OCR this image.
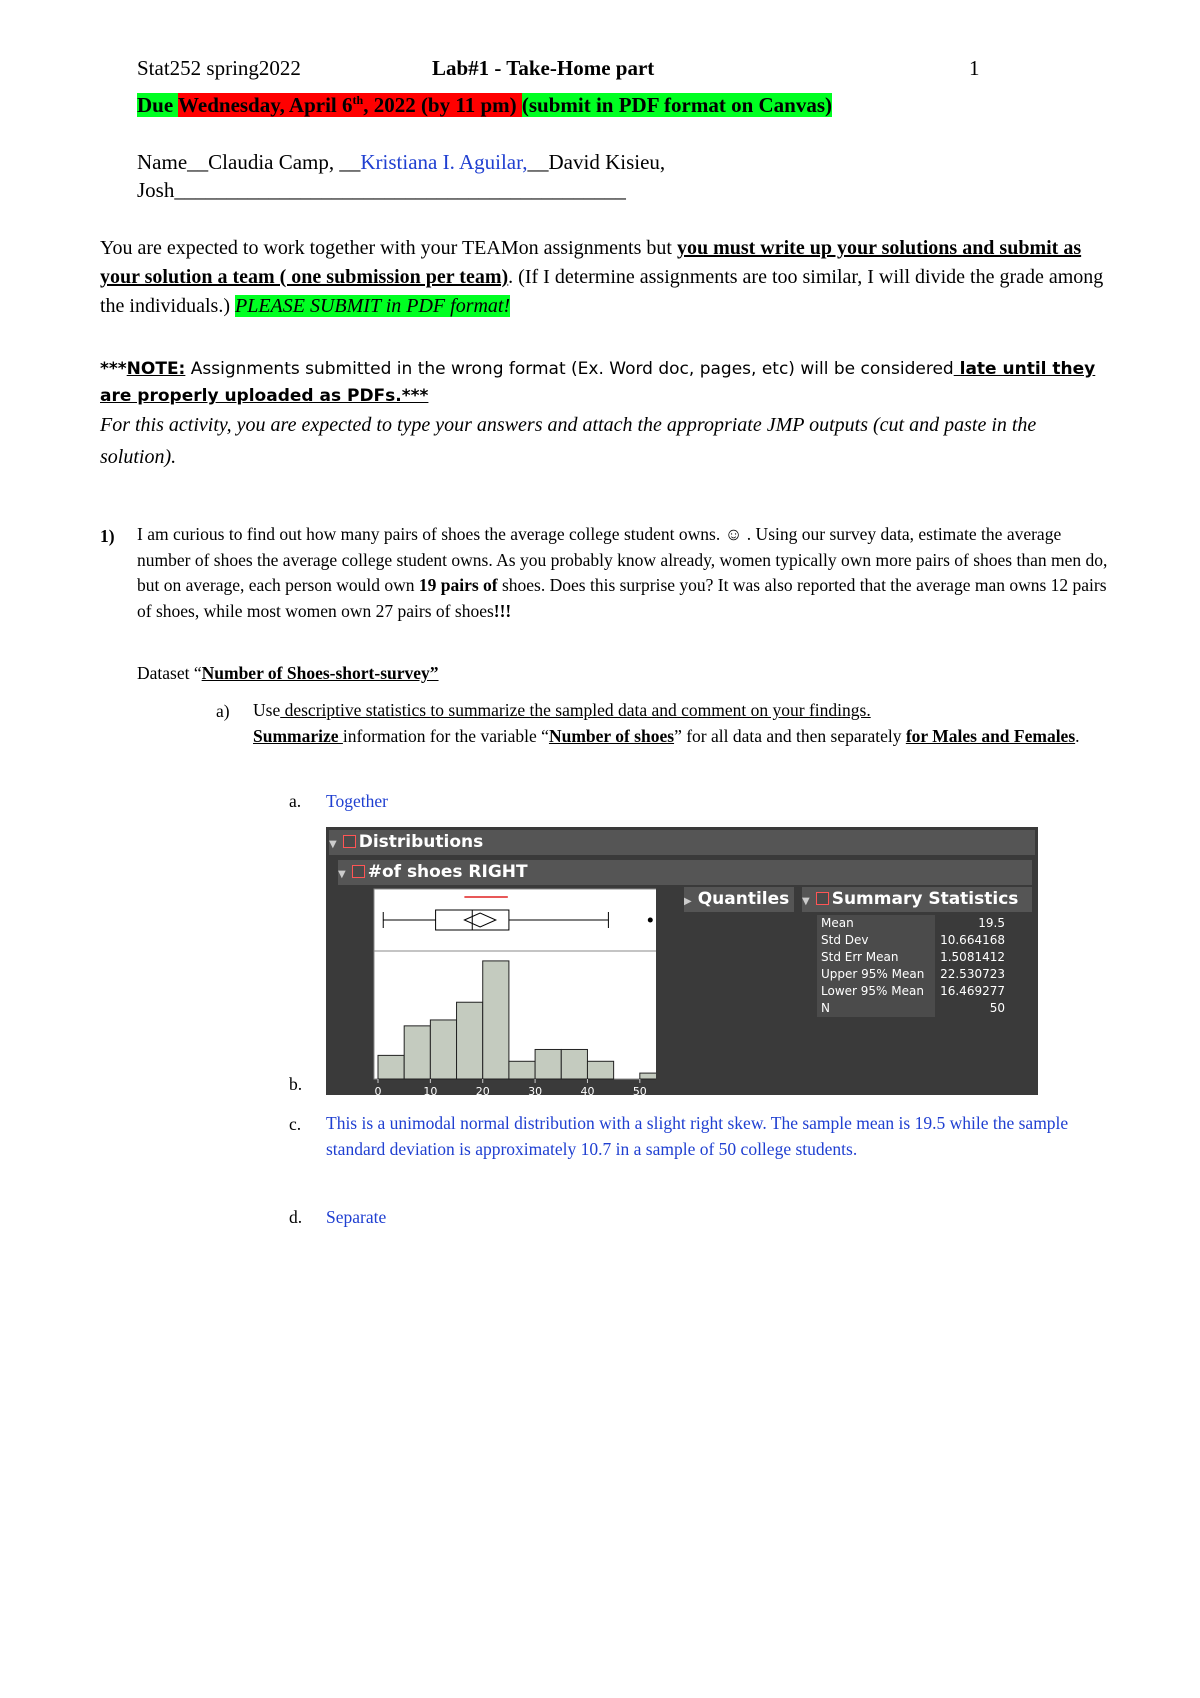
Stat252 spring2022	Lab#1 - Take-Home part	1
Due Wednesday, April 6th, 2022 (by 11 pm) (submit in PDF format on Canvas)
Name__Claudia Camp, __Kristiana I. Aguilar,__David Kisieu,
Josh___________________________________________
You are expected to work together with your TEAMon assignments but you must write up your solutions and submit as your solution a team ( one submission per team). (If I determine assignments are too similar, I will divide the grade among the individuals.) PLEASE SUBMIT in PDF format!
***NOTE: Assignments submitted in the wrong format (Ex. Word doc, pages, etc) will be considered late until they are properly uploaded as PDFs.***
For this activity, you are expected to type your answers and attach the appropriate JMP outputs (cut and paste in the solution).
1) I am curious to find out how many pairs of shoes the average college student owns. ☺ . Using our survey data, estimate the average number of shoes the average college student owns. As you probably know already, women typically own more pairs of shoes than men do, but on average, each person would own 19 pairs of shoes. Does this surprise you? It was also reported that the average man owns 12 pairs of shoes, while most women own 27 pairs of shoes!!!
Dataset “Number of Shoes-short-survey”
a) Use descriptive statistics to summarize the sampled data and comment on your findings.
Summarize information for the variable “Number of shoes” for all data and then separately for Males and Females.
a. Together
b.
c. This is a unimodal normal distribution with a slight right skew. The sample mean is 19.5 while the sample standard deviation is approximately 10.7 in a sample of 50 college students.
d. Separate
▼ Distributions
▼ #of shoes RIGHT
▶ Quantiles	▼ Summary Statistics
Mean	19.5
Std Dev	10.664168
Std Err Mean	1.5081412
Upper 95% Mean	22.530723
Lower 95% Mean	16.469277
N	50
0	10	20	30	40	50
